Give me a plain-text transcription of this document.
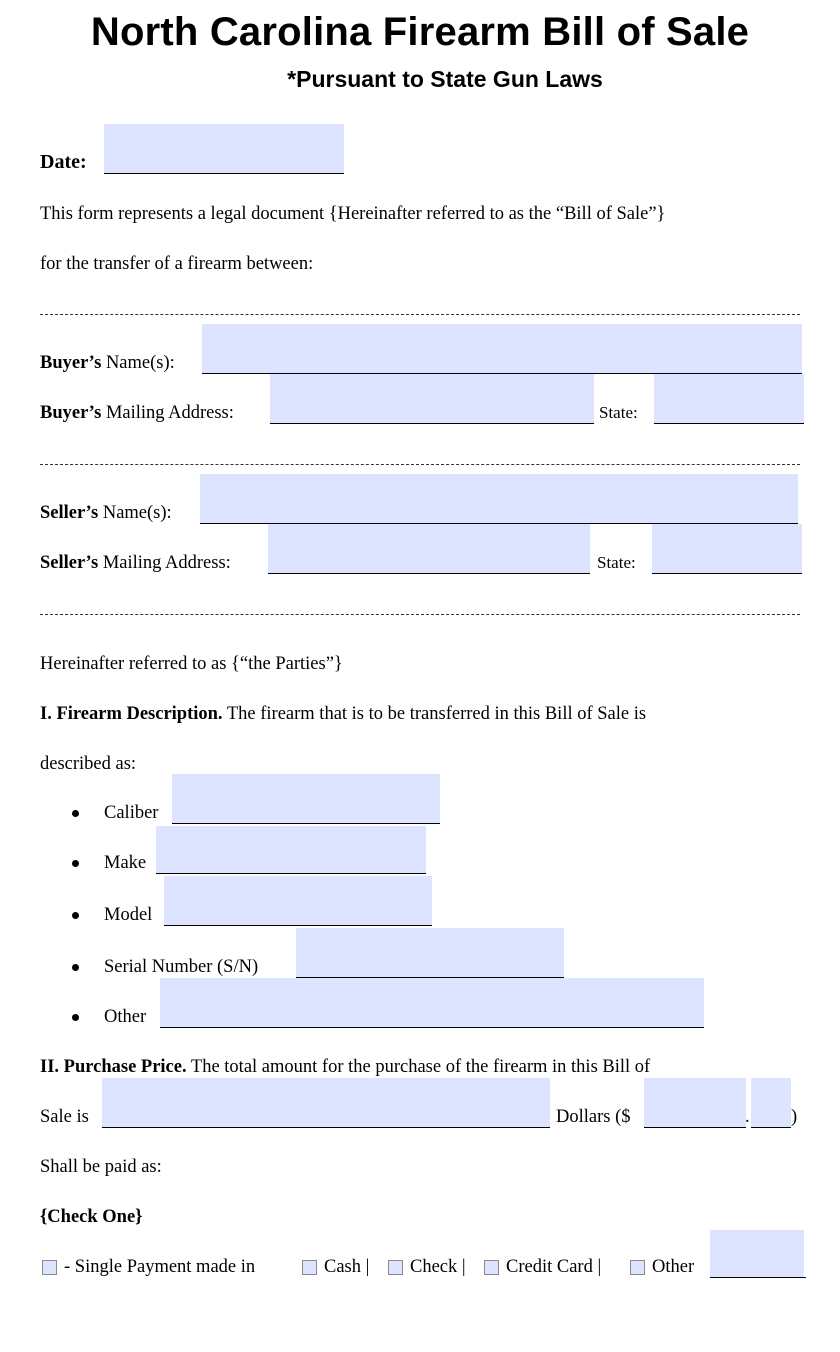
North Carolina Firearm Bill of Sale
*Pursuant to State Gun Laws
Date:
This form represents a legal document {Hereinafter referred to as the “Bill of Sale”}
for the transfer of a firearm between:
Buyer’s Name(s):
Buyer’s Mailing Address:	State:
Seller’s Name(s):
Seller’s Mailing Address:	State:
Hereinafter referred to as {“the Parties”}
I. Firearm Description. The firearm that is to be transferred in this Bill of Sale is
described as:
Caliber
Make
Model
Serial Number (S/N)
Other
II. Purchase Price. The total amount for the purchase of the firearm in this Bill of
Sale is	Dollars ($	. )
Shall be paid as:
{Check One}
- Single Payment made in	Cash | Check | Credit Card |	Other
